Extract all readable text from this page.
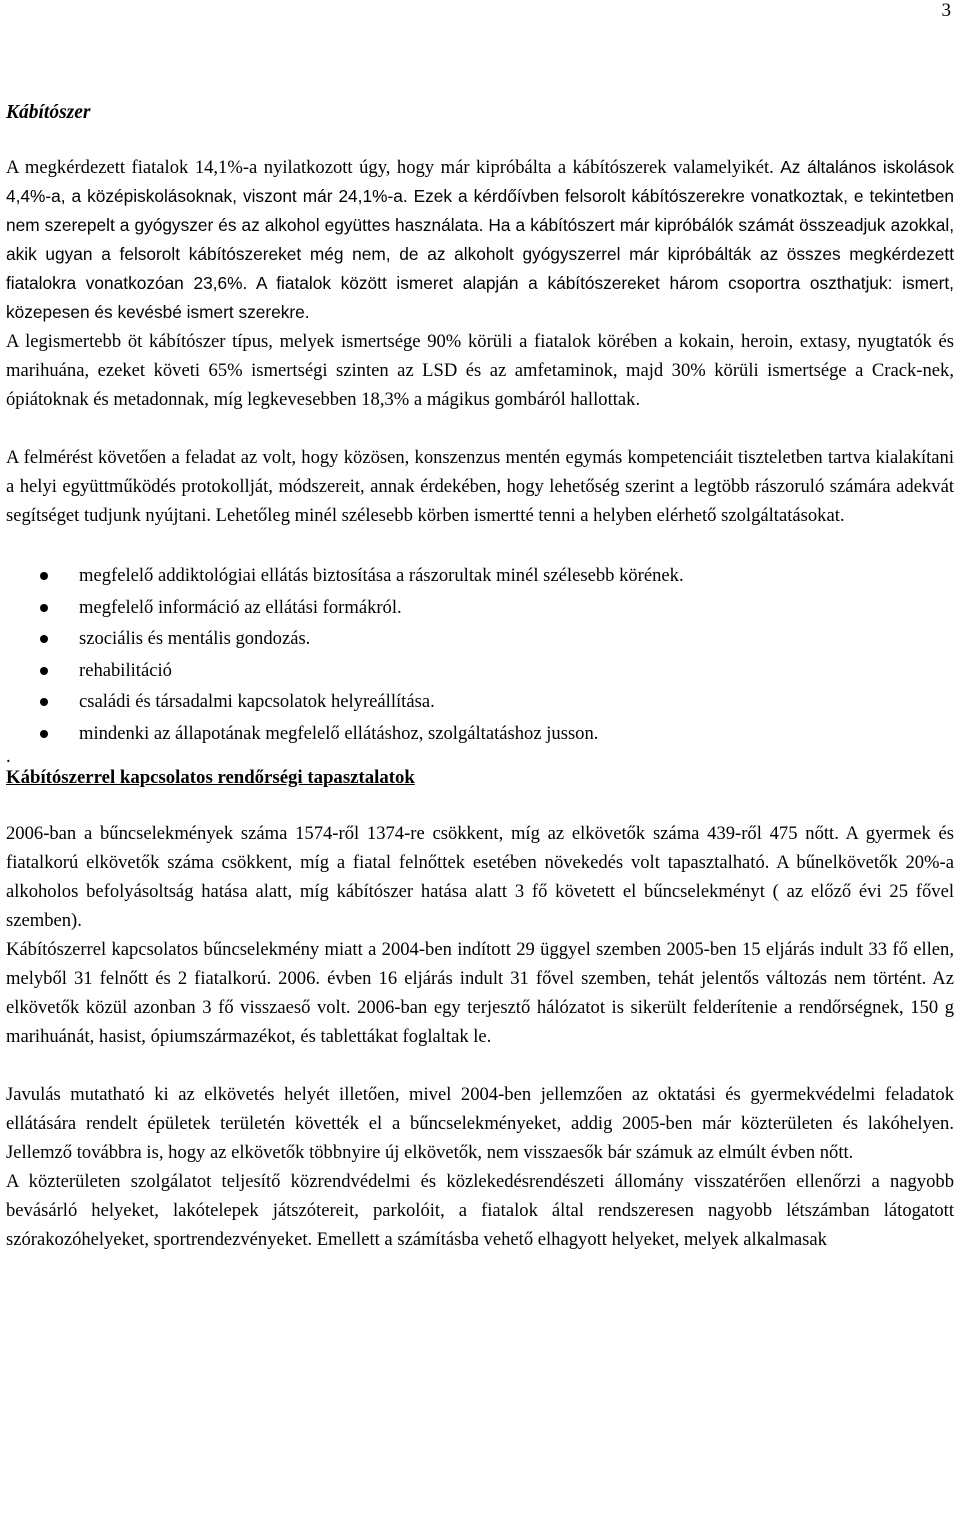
3
Kábítószer

A megkérdezett fiatalok 14,1%-a nyilatkozott úgy, hogy már kipróbálta a kábítószerek valamelyikét. Az általános iskolások 4,4%-a, a középiskolásoknak, viszont már 24,1%-a. Ezek a kérdőívben felsorolt kábítószerekre vonatkoztak, e tekintetben nem szerepelt a gyógyszer és az alkohol együttes használata. Ha a kábítószert már kipróbálók számát összeadjuk azokkal, akik ugyan a felsorolt kábítószereket még nem, de az alkoholt gyógyszerrel már kipróbálták az összes megkérdezett fiatalokra vonatkozóan 23,6%. A fiatalok között ismeret alapján a kábítószereket három csoportra oszthatjuk: ismert, közepesen és kevésbé ismert szerekre.

A legismertebb öt kábítószer típus, melyek ismertsége 90% körüli a fiatalok körében a kokain, heroin, extasy, nyugtatók és marihuána, ezeket követi 65% ismertségi szinten az LSD és az amfetaminok, majd 30% körüli ismertsége a Crack-nek, ópiátoknak és metadonnak, míg legkevesebben 18,3% a mágikus gombáról hallottak.

A felmérést követően a feladat az volt, hogy közösen, konszenzus mentén egymás kompetenciáit tiszteletben tartva kialakítani a helyi együttműködés protokollját, módszereit, annak érdekében, hogy lehetőség szerint a legtöbb rászoruló számára adekvát segítséget tudjunk nyújtani. Lehetőleg minél szélesebb körben ismertté tenni a helyben elérhető szolgáltatásokat.

megfelelő addiktológiai ellátás biztosítása a rászorultak minél szélesebb körének.
megfelelő információ az ellátási formákról.
szociális és mentális gondozás.
rehabilitáció
családi és társadalmi kapcsolatok helyreállítása.
mindenki az állapotának megfelelő ellátáshoz, szolgáltatáshoz jusson.

.

Kábítószerrel kapcsolatos rendőrségi tapasztalatok

2006-ban a bűncselekmények száma 1574-ről 1374-re csökkent, míg az elkövetők száma 439-ről 475 nőtt. A gyermek és fiatalkorú elkövetők száma csökkent, míg a fiatal felnőttek esetében növekedés volt tapasztalható. A bűnelkövetők 20%-a alkoholos befolyásoltság hatása alatt, míg kábítószer hatása alatt 3 fő követett el bűncselekményt ( az előző évi 25 fővel szemben).

Kábítószerrel kapcsolatos bűncselekmény miatt a 2004-ben indított 29 üggyel szemben 2005-ben 15 eljárás indult 33 fő ellen, melyből 31 felnőtt és 2 fiatalkorú. 2006. évben 16 eljárás indult 31 fővel szemben, tehát jelentős változás nem történt. Az elkövetők közül azonban 3 fő visszaeső volt. 2006-ban egy terjesztő hálózatot is sikerült felderítenie a rendőrségnek, 150 g marihuánát, hasist, ópiumszármazékot, és tablettákat foglaltak le.

Javulás mutatható ki az elkövetés helyét illetően, mivel 2004-ben jellemzően az oktatási és gyermekvédelmi feladatok ellátására rendelt épületek területén követték el a bűncselekményeket, addig 2005-ben már közterületen és lakóhelyen. Jellemző továbbra is, hogy az elkövetők többnyire új elkövetők, nem visszaesők bár számuk az elmúlt évben nőtt.

A közterületen szolgálatot teljesítő közrendvédelmi és közlekedésrendészeti állomány visszatérően ellenőrzi a nagyobb bevásárló helyeket, lakótelepek játszótereit, parkolóit, a fiatalok által rendszeresen nagyobb létszámban látogatott szórakozóhelyeket, sportrendezvényeket. Emellett a számításba vehető elhagyott helyeket, melyek alkalmasak
